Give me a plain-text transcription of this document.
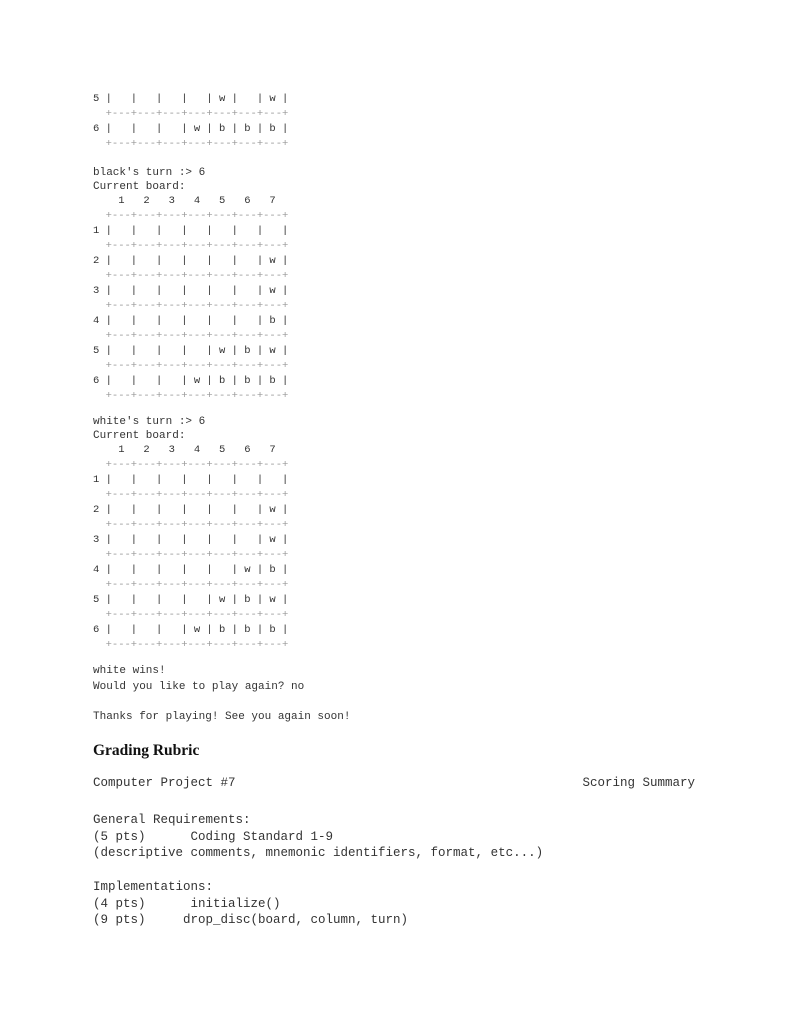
5 |   |   |   |   | w |   | w |
+---+---+---+---+---+---+---+
6 |   |   |   | w | b | b | b |
+---+---+---+---+---+---+---+
black's turn :> 6
Current board:
1   2   3   4   5   6   7
+---+---+---+---+---+---+---+
1 |   |   |   |   |   |   |   |
+---+---+---+---+---+---+---+
2 |   |   |   |   |   |   | w |
+---+---+---+---+---+---+---+
3 |   |   |   |   |   |   | w |
+---+---+---+---+---+---+---+
4 |   |   |   |   |   |   | b |
+---+---+---+---+---+---+---+
5 |   |   |   |   | w | b | w |
+---+---+---+---+---+---+---+
6 |   |   |   | w | b | b | b |
+---+---+---+---+---+---+---+
white's turn :> 6
Current board:
1   2   3   4   5   6   7
+---+---+---+---+---+---+---+
1 |   |   |   |   |   |   |   |
+---+---+---+---+---+---+---+
2 |   |   |   |   |   |   | w |
+---+---+---+---+---+---+---+
3 |   |   |   |   |   |   | w |
+---+---+---+---+---+---+---+
4 |   |   |   |   |   | w | b |
+---+---+---+---+---+---+---+
5 |   |   |   |   | w | b | w |
+---+---+---+---+---+---+---+
6 |   |   |   | w | b | b | b |
+---+---+---+---+---+---+---+
white wins!
Would you like to play again? no

Thanks for playing! See you again soon!
Grading Rubric
Computer Project #7	Scoring Summary
General Requirements:
(5 pts)      Coding Standard 1-9
(descriptive comments, mnemonic identifiers, format, etc...)
Implementations:
(4 pts)      initialize()
(9 pts)     drop_disc(board, column, turn)
